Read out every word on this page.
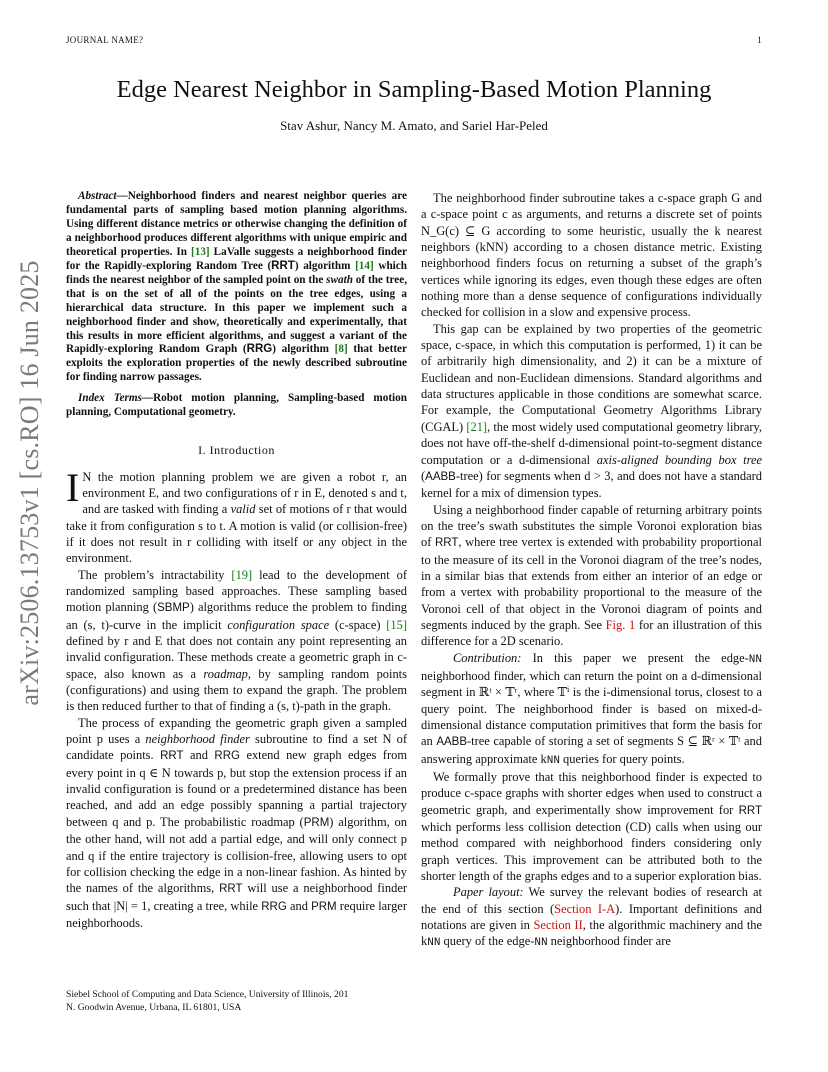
JOURNAL NAME?	1
arXiv:2506.13753v1 [cs.RO] 16 Jun 2025
Edge Nearest Neighbor in Sampling-Based Motion Planning
Stav Ashur, Nancy M. Amato, and Sariel Har-Peled

Abstract—Neighborhood finders and nearest neighbor queries are fundamental parts of sampling based motion planning algorithms. Using different distance metrics or otherwise changing the definition of a neighborhood produces different algorithms with unique empiric and theoretical properties. In [13] LaValle suggests a neighborhood finder for the Rapidly-exploring Random Tree (RRT) algorithm [14] which finds the nearest neighbor of the sampled point on the swath of the tree, that is on the set of all of the points on the tree edges, using a hierarchical data structure. In this paper we implement such a neighborhood finder and show, theoretically and experimentally, that this results in more efficient algorithms, and suggest a variant of the Rapidly-exploring Random Graph (RRG) algorithm [8] that better exploits the exploration properties of the newly described subroutine for finding narrow passages.

Index Terms—Robot motion planning, Sampling-based motion planning, Computational geometry.

I. Introduction

I N the motion planning problem we are given a robot r, an environment E, and two configurations of r in E, denoted s and t, and are tasked with finding a valid set of motions of r that would take it from configuration s to t. A motion is valid (or collision-free) if it does not result in r colliding with itself or any object in the environment.

The problem’s intractability [19] lead to the development of randomized sampling based approaches. These sampling based motion planning (SBMP) algorithms reduce the problem to finding an (s, t)-curve in the implicit configuration space (c-space) [15] defined by r and E that does not contain any point representing an invalid configuration. These methods create a geometric graph in c-space, also known as a roadmap, by sampling random points (configurations) and using them to expand the graph. The problem is then reduced further to that of finding a (s, t)-path in the graph.

The process of expanding the geometric graph given a sampled point p uses a neighborhood finder subroutine to find a set N of candidate points. RRT and RRG extend new graph edges from every point in q ∈ N towards p, but stop the extension process if an invalid configuration is found or a predetermined distance has been reached, and add an edge possibly spanning a partial trajectory between q and p. The probabilistic roadmap (PRM) algorithm, on the other hand, will not add a partial edge, and will only connect p and q if the entire trajectory is collision-free, allowing users to opt for collision checking the edge in a non-linear fashion. As hinted by the names of the algorithms, RRT will use a neighborhood finder such that |N| = 1, creating a tree, while RRG and PRM require larger neighborhoods.

Siebel School of Computing and Data Science, University of Illinois, 201
N. Goodwin Avenue, Urbana, IL 61801, USA

The neighborhood finder subroutine takes a c-space graph G and a c-space point c as arguments, and returns a discrete set of points N_G(c) ⊆ G according to some heuristic, usually the k nearest neighbors (kNN) according to a chosen distance metric. Existing neighborhood finders focus on returning a subset of the graph’s vertices while ignoring its edges, even though these edges are often nothing more than a dense sequence of configurations individually checked for collision in a slow and expensive process.

This gap can be explained by two properties of the geometric space, c-space, in which this computation is performed, 1) it can be of arbitrarily high dimensionality, and 2) it can be a mixture of Euclidean and non-Euclidean dimensions. Standard algorithms and data structures applicable in those conditions are somewhat scarce. For example, the Computational Geometry Algorithms Library (CGAL) [21], the most widely used computational geometry library, does not have off-the-shelf d-dimensional point-to-segment distance computation or a d-dimensional axis-aligned bounding box tree (AABB-tree) for segments when d > 3, and does not have a standard kernel for a mix of dimension types.

Using a neighborhood finder capable of returning arbitrary points on the tree’s swath substitutes the simple Voronoi exploration bias of RRT, where tree vertex is extended with probability proportional to the measure of its cell in the Voronoi diagram of the tree’s nodes, in a similar bias that extends from either an interior of an edge or from a vertex with probability proportional to the measure of the Voronoi cell of that object in the Voronoi diagram of points and segments induced by the graph. See Fig. 1 for an illustration of this difference for a 2D scenario.

Contribution: In this paper we present the edge-NN neighborhood finder, which can return the point on a d-dimensional segment in ℝᵗ × 𝕋ʳ, where 𝕋ⁱ is the i-dimensional torus, closest to a query point. The neighborhood finder is based on mixed-d-dimensional distance computation primitives that form the basis for an AABB-tree capable of storing a set of segments S ⊆ ℝʳ × 𝕋ᵗ and answering approximate kNN queries for query points.

We formally prove that this neighborhood finder is expected to produce c-space graphs with shorter edges when used to construct a geometric graph, and experimentally show improvement for RRT which performs less collision detection (CD) calls when using our method compared with neighborhood finders considering only graph vertices. This improvement can be attributed both to the shorter length of the graphs edges and to a superior exploration bias.

Paper layout: We survey the relevant bodies of research at the end of this section (Section I-A). Important definitions and notations are given in Section II, the algorithmic machinery and the kNN query of the edge-NN neighborhood finder are
